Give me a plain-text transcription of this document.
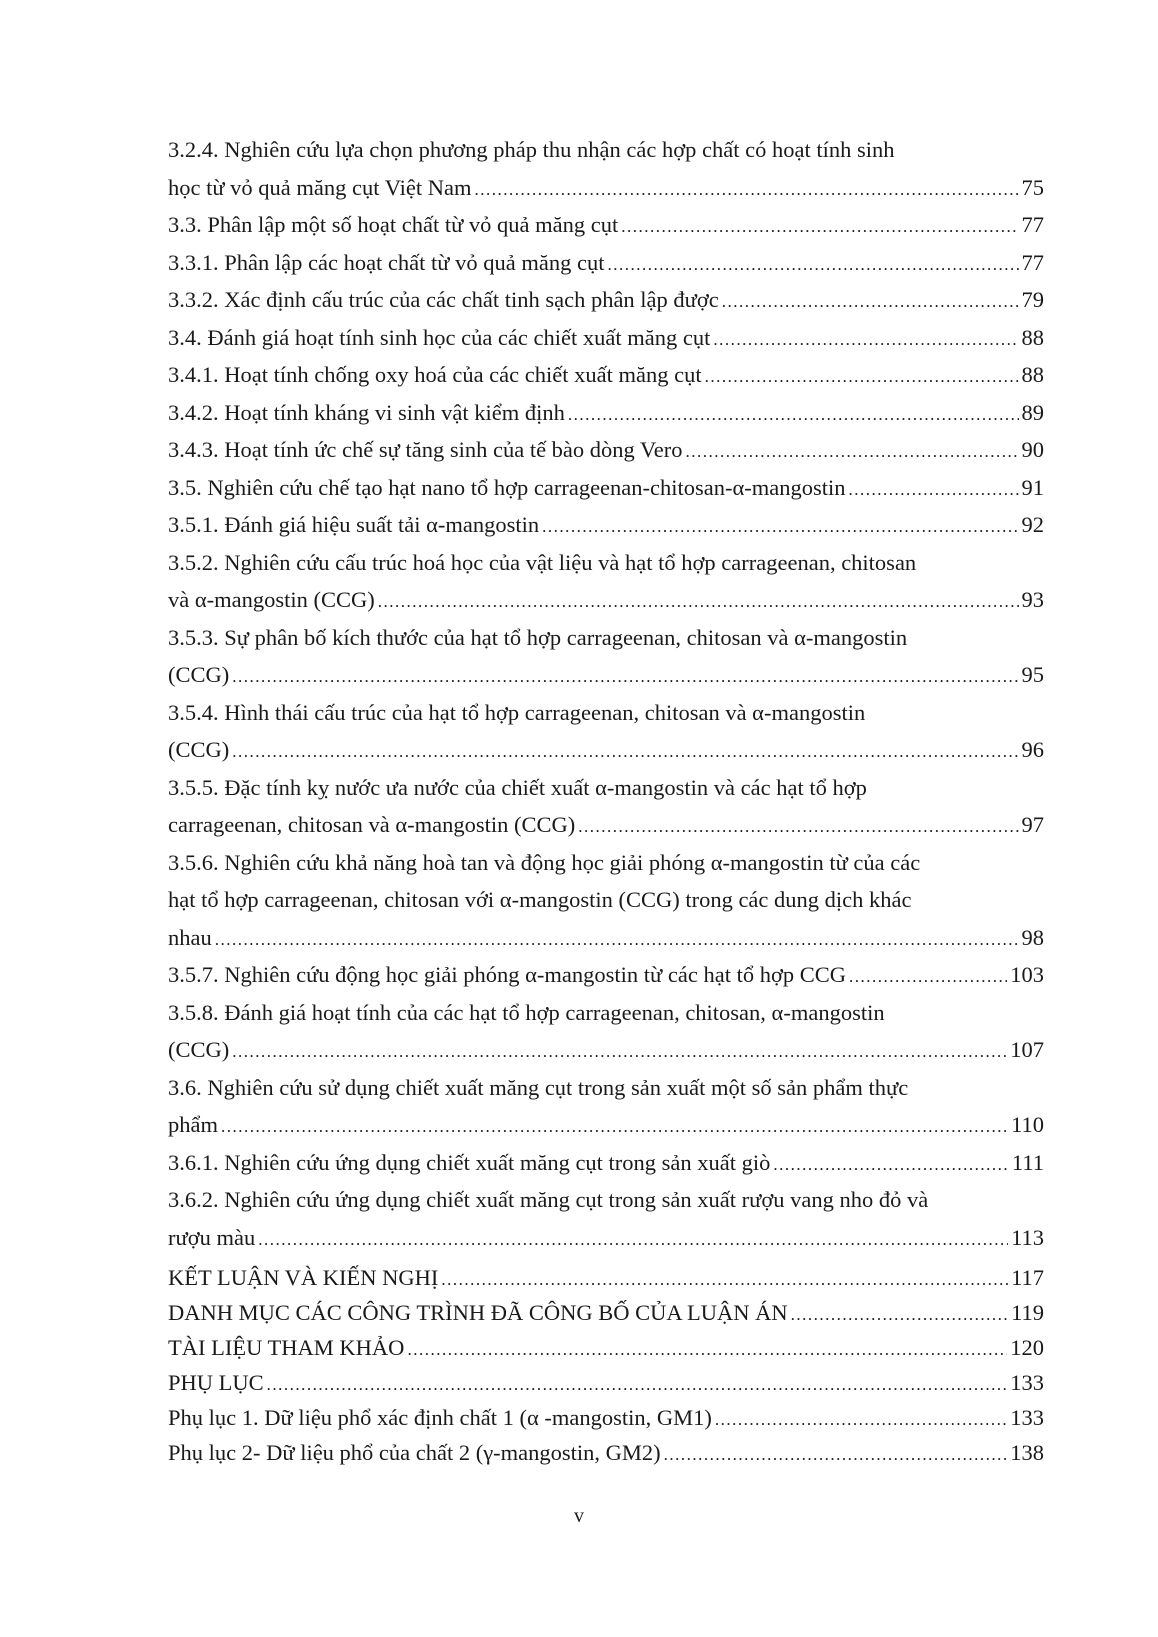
3.2.4. Nghiên cứu lựa chọn phương pháp thu nhận các hợp chất có hoạt tính sinh
học từ vỏ quả măng cụt Việt Nam .....	75
3.3. Phân lập một số hoạt chất từ vỏ quả măng cụt .....	77
3.3.1. Phân lập các hoạt chất từ vỏ quả măng cụt .....	77
3.3.2. Xác định cấu trúc của các chất tinh sạch phân lập được .....	79
3.4. Đánh giá hoạt tính sinh học của các chiết xuất măng cụt .....	88
3.4.1. Hoạt tính chống oxy hoá của các chiết xuất măng cụt .....	88
3.4.2. Hoạt tính kháng vi sinh vật kiểm định .....	89
3.4.3. Hoạt tính ức chế sự tăng sinh của tế bào dòng Vero .....	90
3.5. Nghiên cứu chế tạo hạt nano tổ hợp carrageenan-chitosan-α-mangostin .....	91
3.5.1. Đánh giá hiệu suất tải α-mangostin .....	92
3.5.2. Nghiên cứu cấu trúc hoá học của vật liệu và hạt tổ hợp carrageenan, chitosan
và α-mangostin (CCG) .....	93
3.5.3. Sự phân bố kích thước của hạt tổ hợp carrageenan, chitosan và α-mangostin
(CCG) .....	95
3.5.4. Hình thái cấu trúc của hạt tổ hợp carrageenan, chitosan và α-mangostin
(CCG) .....	96
3.5.5. Đặc tính kỵ nước ưa nước của chiết xuất α-mangostin và các hạt tổ hợp
carrageenan, chitosan và α-mangostin (CCG) .....	97
3.5.6. Nghiên cứu khả năng hoà tan và động học giải phóng α-mangostin từ của các
hạt tổ hợp carrageenan, chitosan với α-mangostin (CCG) trong các dung dịch khác
nhau .....	98
3.5.7. Nghiên cứu động học giải phóng α-mangostin từ các hạt tổ hợp CCG .....	103
3.5.8. Đánh giá hoạt tính của các hạt tổ hợp carrageenan, chitosan, α-mangostin
(CCG) .....	107
3.6. Nghiên cứu sử dụng chiết xuất măng cụt trong sản xuất một số sản phẩm thực
phẩm .....	110
3.6.1. Nghiên cứu ứng dụng chiết xuất măng cụt trong sản xuất giò .....	111
3.6.2. Nghiên cứu ứng dụng chiết xuất măng cụt trong sản xuất rượu vang nho đỏ và
rượu màu .....	113
KẾT LUẬN VÀ KIẾN NGHỊ .....	117
DANH MỤC CÁC CÔNG TRÌNH ĐÃ CÔNG BỐ CỦA LUẬN ÁN .....	119
TÀI LIỆU THAM KHẢO .....	120
PHỤ LỤC .....	133
Phụ lục 1. Dữ liệu phổ xác định chất 1 (α -mangostin, GM1) .....	133
Phụ lục 2- Dữ liệu phổ của chất 2 (γ-mangostin, GM2) .....	138
v
